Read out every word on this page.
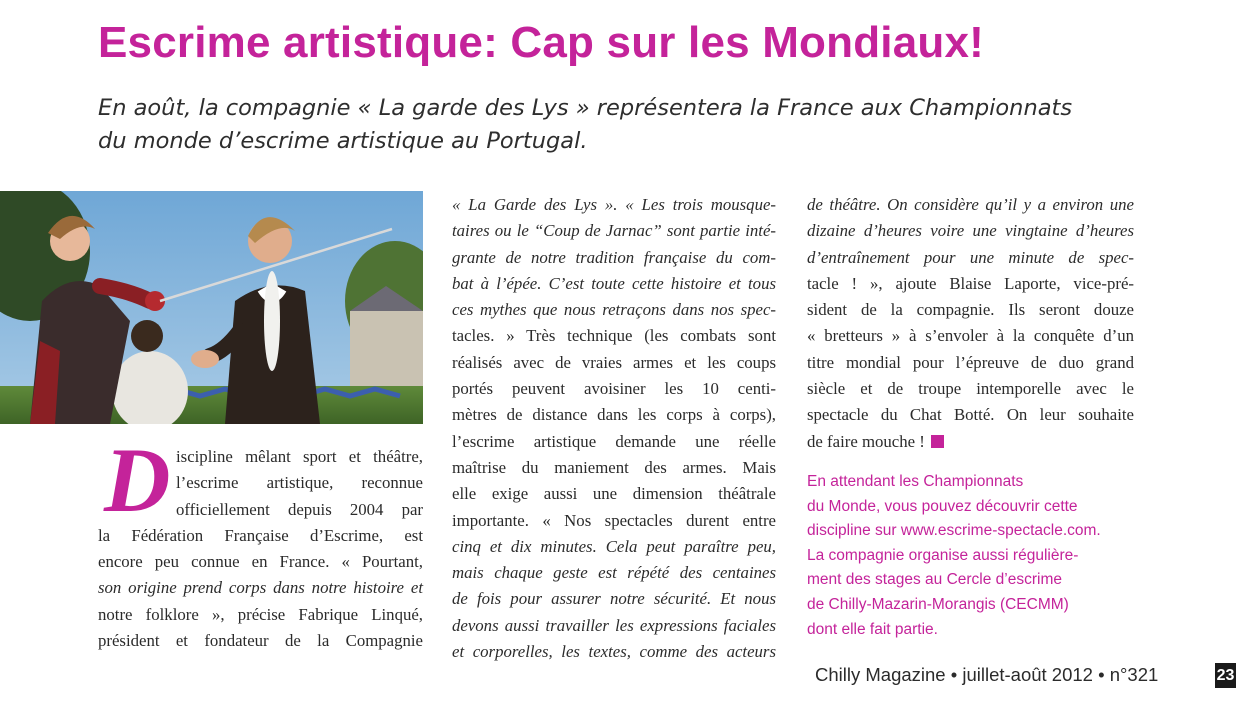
Escrime artistique: Cap sur les Mondiaux!
En août, la compagnie « La garde des Lys » représentera la France aux Championnats
du monde d’escrime artistique au Portugal.
D iscipline mêlant sport et théâtre,
l’escrime artistique, reconnue
officiellement depuis 2004 par
la Fédération Française d’Escrime, est
encore peu connue en France. « Pourtant,
son origine prend corps dans notre histoire et
notre folklore », précise Fabrique Linqué,
président et fondateur de la Compagnie
« La Garde des Lys ». « Les trois mousque-
taires ou le “Coup de Jarnac” sont partie inté-
grante de notre tradition française du com-
bat à l’épée. C’est toute cette histoire et tous
ces mythes que nous retraçons dans nos spec-
tacles. » Très technique (les combats sont
réalisés avec de vraies armes et les coups
portés peuvent avoisiner les 10 centi-
mètres de distance dans les corps à corps),
l’escrime artistique demande une réelle
maîtrise du maniement des armes. Mais
elle exige aussi une dimension théâtrale
importante. « Nos spectacles durent entre
cinq et dix minutes. Cela peut paraître peu,
mais chaque geste est répété des centaines
de fois pour assurer notre sécurité. Et nous
devons aussi travailler les expressions faciales
et corporelles, les textes, comme des acteurs
de théâtre. On considère qu’il y a environ une
dizaine d’heures voire une vingtaine d’heures
d’entraînement pour une minute de spec-
tacle ! », ajoute Blaise Laporte, vice-pré-
sident de la compagnie. Ils seront douze
« bretteurs » à s’envoler à la conquête d’un
titre mondial pour l’épreuve de duo grand
siècle et de troupe intemporelle avec le
spectacle du Chat Botté. On leur souhaite
de faire mouche !
En attendant les Championnats
du Monde, vous pouvez découvrir cette
discipline sur www.escrime-spectacle.com.
La compagnie organise aussi régulière-
ment des stages au Cercle d’escrime
de Chilly-Mazarin-Morangis (CECMM)
dont elle fait partie.
Chilly Magazine • juillet-août 2012 • n°321	23
